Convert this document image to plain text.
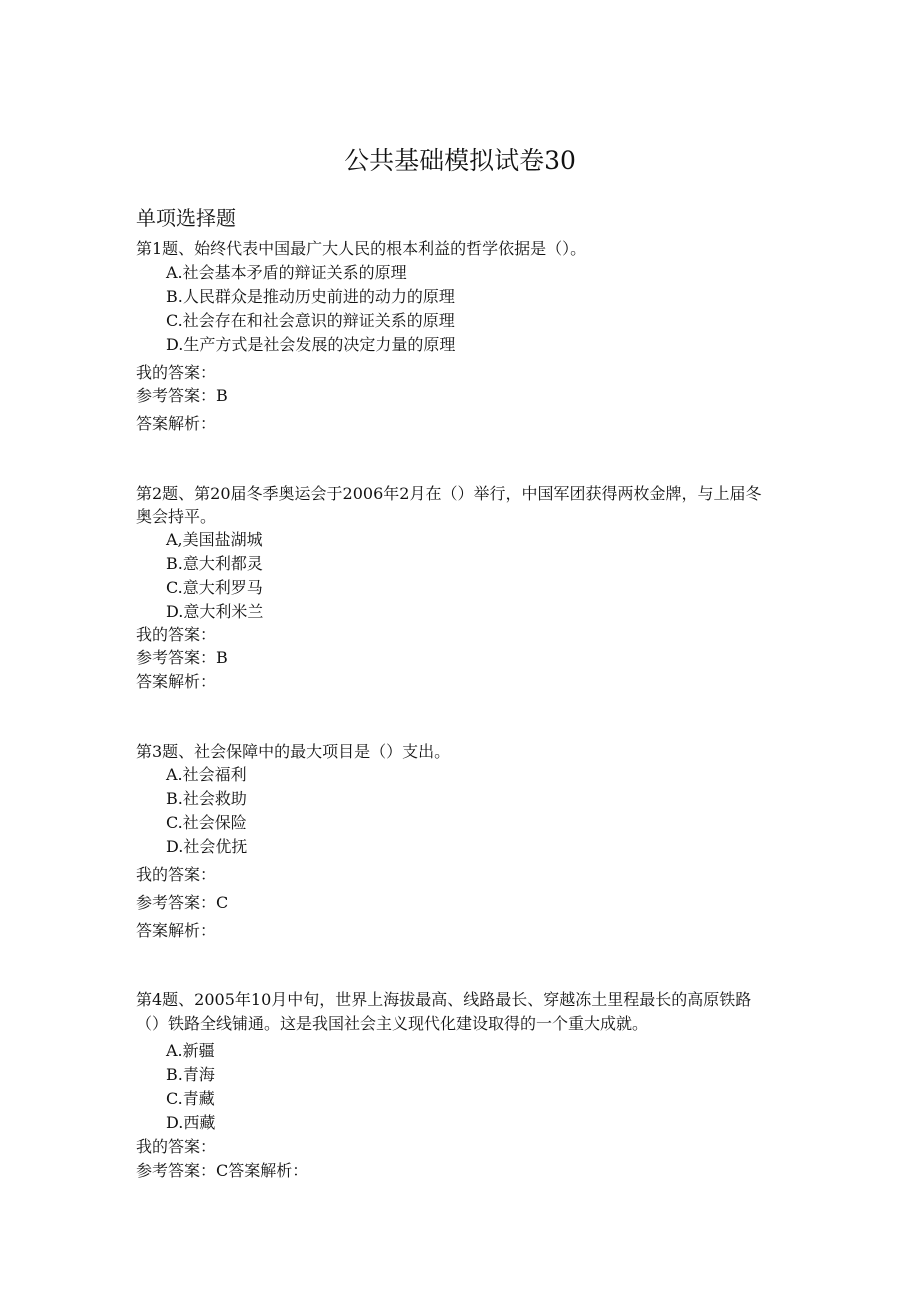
公共基础模拟试卷30
单项选择题
第1题、始终代表中国最广大人民的根本利益的哲学依据是（）。
A.社会基本矛盾的辩证关系的原理
B.人民群众是推动历史前进的动力的原理
C.社会存在和社会意识的辩证关系的原理
D.生产方式是社会发展的决定力量的原理
我的答案：
参考答案：B
答案解析：
第2题、第20届冬季奥运会于2006年2月在（）举行，中国军团获得两枚金牌，与上届冬
奥会持平。
A,美国盐湖城
B.意大利都灵
C.意大利罗马
D.意大利米兰
我的答案：
参考答案：B
答案解析：
第3题、社会保障中的最大项目是（）支出。
A.社会福利
B.社会救助
C.社会保险
D.社会优抚
我的答案：
参考答案：C
答案解析：
第4题、2005年10月中旬，世界上海拔最高、线路最长、穿越冻土里程最长的高原铁路
（）铁路全线铺通。这是我国社会主义现代化建设取得的一个重大成就。
A.新疆
B.青海
C.青藏
D.西藏
我的答案：
参考答案：C答案解析：
